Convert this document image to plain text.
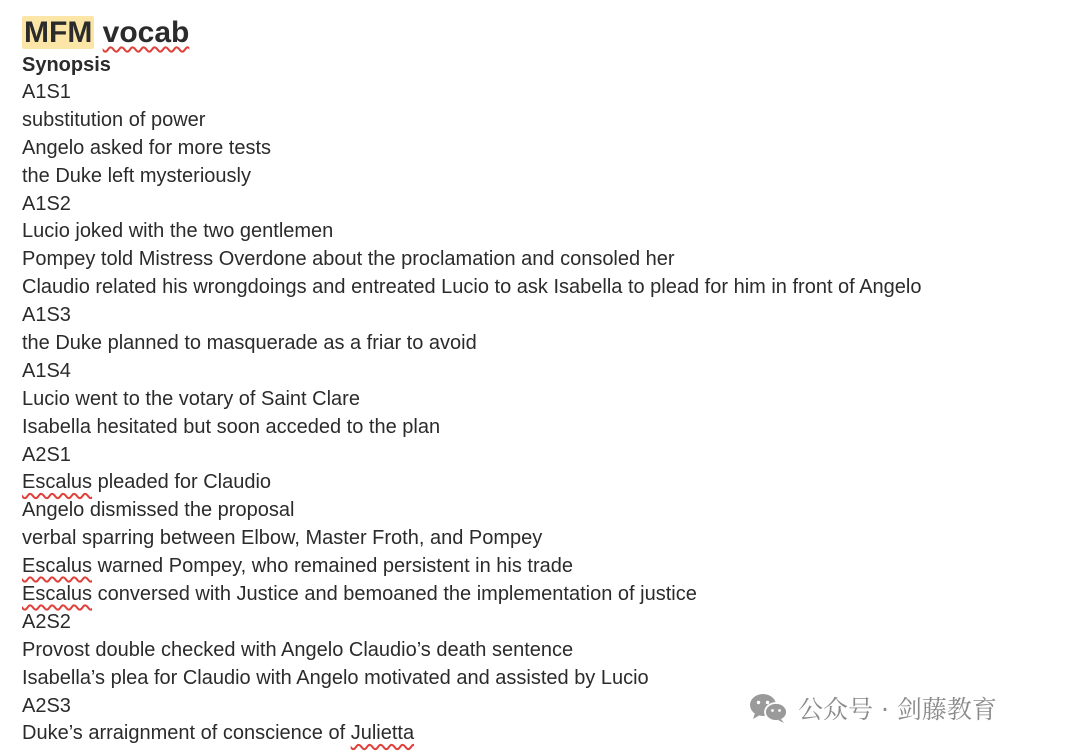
MFM vocab
Synopsis
A1S1
substitution of power
Angelo asked for more tests
the Duke left mysteriously
A1S2
Lucio joked with the two gentlemen
Pompey told Mistress Overdone about the proclamation and consoled her
Claudio related his wrongdoings and entreated Lucio to ask Isabella to plead for him in front of Angelo
A1S3
the Duke planned to masquerade as a friar to avoid
A1S4
Lucio went to the votary of Saint Clare
Isabella hesitated but soon acceded to the plan
A2S1
Escalus pleaded for Claudio
Angelo dismissed the proposal
verbal sparring between Elbow, Master Froth, and Pompey
Escalus warned Pompey, who remained persistent in his trade
Escalus conversed with Justice and bemoaned the implementation of justice
A2S2
Provost double checked with Angelo Claudio’s death sentence
Isabella’s plea for Claudio with Angelo motivated and assisted by Lucio
A2S3
Duke’s arraignment of conscience of Julietta
公众号 · 剑藤教育
